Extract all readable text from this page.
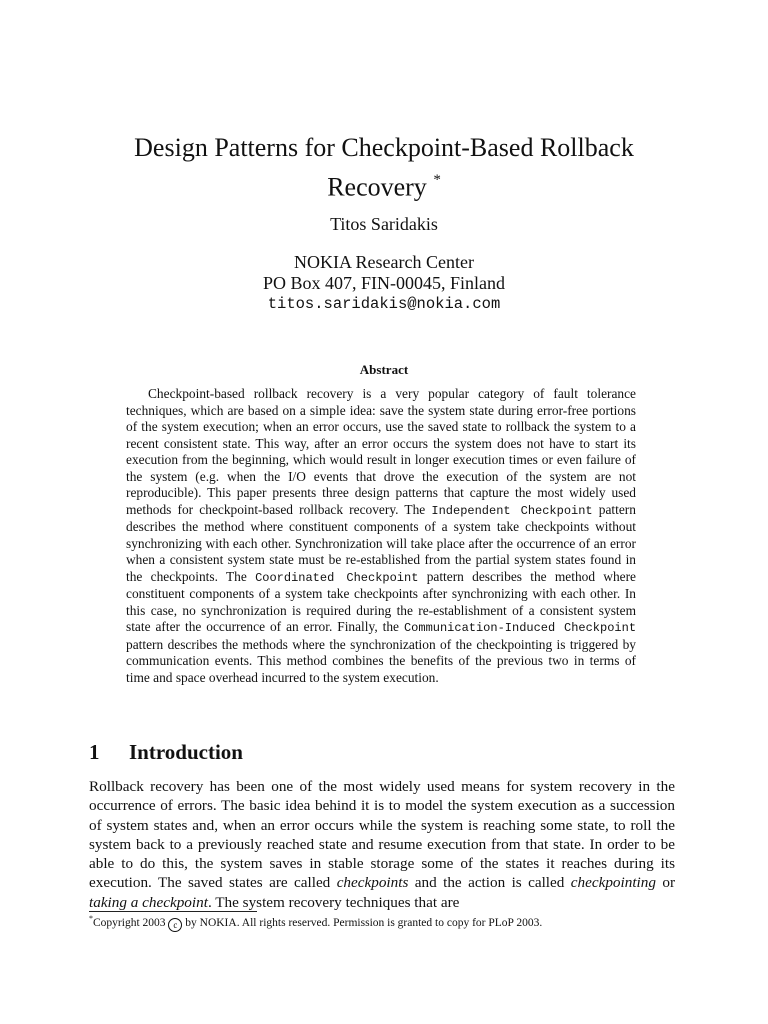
Design Patterns for Checkpoint-Based Rollback
Recovery *
Titos Saridakis
NOKIA Research Center
PO Box 407, FIN-00045, Finland
titos.saridakis@nokia.com
Abstract

Checkpoint-based rollback recovery is a very popular category of fault tolerance techniques, which are based on a simple idea: save the system state during error-free portions of the system execution; when an error occurs, use the saved state to rollback the system to a recent consistent state. This way, after an error occurs the system does not have to start its execution from the beginning, which would result in longer execution times or even failure of the system (e.g. when the I/O events that drove the execution of the system are not reproducible). This paper presents three design patterns that capture the most widely used methods for checkpoint-based rollback recovery. The Independent Checkpoint pattern describes the method where constituent components of a system take checkpoints without synchronizing with each other. Synchronization will take place after the occurrence of an error when a consistent system state must be re-established from the partial system states found in the checkpoints. The Coordinated Checkpoint pattern describes the method where constituent components of a system take checkpoints after synchronizing with each other. In this case, no synchronization is required during the re-establishment of a consistent system state after the occurrence of an error. Finally, the Communication-Induced Checkpoint pattern describes the methods where the synchronization of the checkpointing is triggered by communication events. This method combines the benefits of the previous two in terms of time and space overhead incurred to the system execution.

1 Introduction

Rollback recovery has been one of the most widely used means for system recovery in the occurrence of errors. The basic idea behind it is to model the system execution as a succession of system states and, when an error occurs while the system is reaching some state, to roll the system back to a previously reached state and resume execution from that state. In order to be able to do this, the system saves in stable storage some of the states it reaches during its execution. The saved states are called checkpoints and the action is called checkpointing or taking a checkpoint. The system recovery techniques that are

*Copyright 2003 c by NOKIA. All rights reserved. Permission is granted to copy for PLoP 2003.
